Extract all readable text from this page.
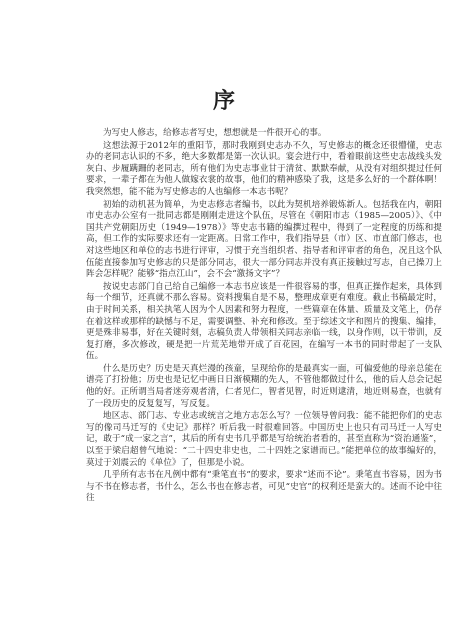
序

为写史人修志，给修志者写史，想想就是一件很开心的事。

这想法源于2012年的重阳节，那时我刚到史志办不久，写史修志的概念还很懵懂，史志办的老同志认识的不多，绝大多数都是第一次认识。宴会进行中，看着眼前这些史志战线头发灰白、步履蹒跚的老同志，所有他们为史志事业甘于清贫、默默奉献，从没有对组织提过任何要求，一辈子都在为他人做嫁衣裳的故事，他们的精神感染了我，这是多么好的一个群体啊！我突然想，能不能为写史修志的人也编修一本志书呢？

初始的动机甚为简单，为史志修志者编书，以此为契机培养锻炼新人。包括我在内，朝阳市史志办公室有一批同志都是刚刚走进这个队伍，尽管在《朝阳市志（1985—2005）》、《中国共产党朝阳历史（1949—1978）》等史志书籍的编撰过程中，得到了一定程度的历练和提高，但工作的实际要求还有一定距离。日常工作中，我们指导县（市）区、市直部门修志，也对这些地区和单位的志书进行评审，习惯于充当组织者、指导者和评审者的角色，况且这个队伍能直接参加写史修志的只是部分同志，很大一部分同志并没有真正接触过写志，自己操刀上阵会怎样呢？能够“指点江山”，会不会“激扬文字”？

按说史志部门自己给自己编修一本志书应该是一件很容易的事，但真正操作起来，具体到每一个细节，还真就不那么容易。资料搜集自是不易，整理成章更有难度。截止书稿最定时，由于时间关系，相关执笔人因为个人因素和努力程度，一些篇章在体量、质量及文笔上，仍存在着这样或那样的缺憾与不足，需要调整、补充和修改。至于综述文字和图片的搜集、编排，更是殊非易事，好在关键时刻，志稿负责人带领相关同志亲临一线，以身作则，以干带训，反复打磨，多次修改，硬是把一片荒芜地带开成了百花园，在编写一本书的同时带起了一支队伍。

什么是历史？历史是天真烂漫的孩童，呈现给你的是最真实一面，可偏爱他的母亲总能在谱亮了打扮他；历史也是记忆中画日日渐模糊的先人，不管他都做过什么，他的后人总会记起他的好。正所谓当局者迷旁观者清，仁者见仁，智者见智，时近则逮清，地近则易查，也就有了一段历史的反复复写，写反复。

地区志、部门志、专业志或统言之地方志怎么写？一位领导曾问我：能不能把你们的史志写的像司马迁写的《史记》那样？听后我一时很难回答。中国历史上也只有司马迁一人写史记，敢于“成一家之言”，其后的所有史书几乎都是写给统治者看的，甚至直称为“资治通鉴”，以至于梁启超曾气地说：“二十四史非史也，二十四姓之家谱而已。”能把单位的故事编好的，莫过于刘震云的《单位》了，但那是小说。

几乎所有志书在凡例中都有“秉笔直书”的要求，要求“述而不论”。秉笔直书容易，因为书与不书在修志者，书什么，怎么书也在修志者，可见“史官”的权利还是蛮大的。述而不论中往往
